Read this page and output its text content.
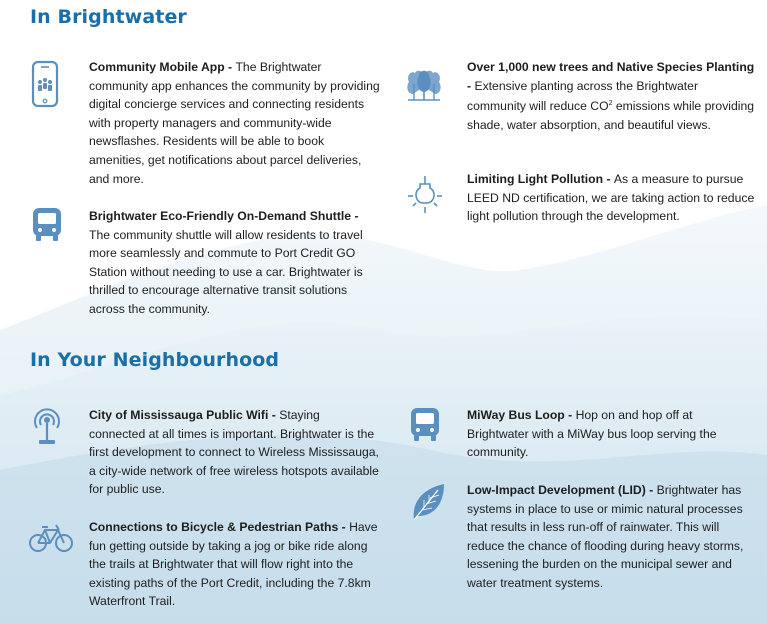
In Brightwater
In Your Neighbourhood
Community Mobile App - The Brightwater community app enhances the community by providing digital concierge services and connecting residents with property managers and community-wide newsflashes. Residents will be able to book amenities, get notifications about parcel deliveries, and more.
Brightwater Eco-Friendly On-Demand Shuttle - The community shuttle will allow residents to travel more seamlessly and commute to Port Credit GO Station without needing to use a car. Brightwater is thrilled to encourage alternative transit solutions across the community.
Over 1,000 new trees and Native Species Planting - Extensive planting across the Brightwater community will reduce $CO^2$ emissions while providing shade, water absorption, and beautiful views.
Limiting Light Pollution - As a measure to pursue LEED ND certification, we are taking action to reduce light pollution through the development.
City of Mississauga Public Wifi - Staying connected at all times is important. Brightwater is the first development to connect to Wireless Mississauga, a city-wide network of free wireless hotspots available for public use.
Connections to Bicycle & Pedestrian Paths - Have fun getting outside by taking a jog or bike ride along the trails at Brightwater that will flow right into the existing paths of the Port Credit, including the 7.8km Waterfront Trail.
MiWay Bus Loop - Hop on and hop off at Brightwater with a MiWay bus loop serving the community.
Low-Impact Development (LID) - Brightwater has systems in place to use or mimic natural processes that results in less run-off of rainwater. This will reduce the chance of flooding during heavy storms, lessening the burden on the municipal sewer and water treatment systems.
